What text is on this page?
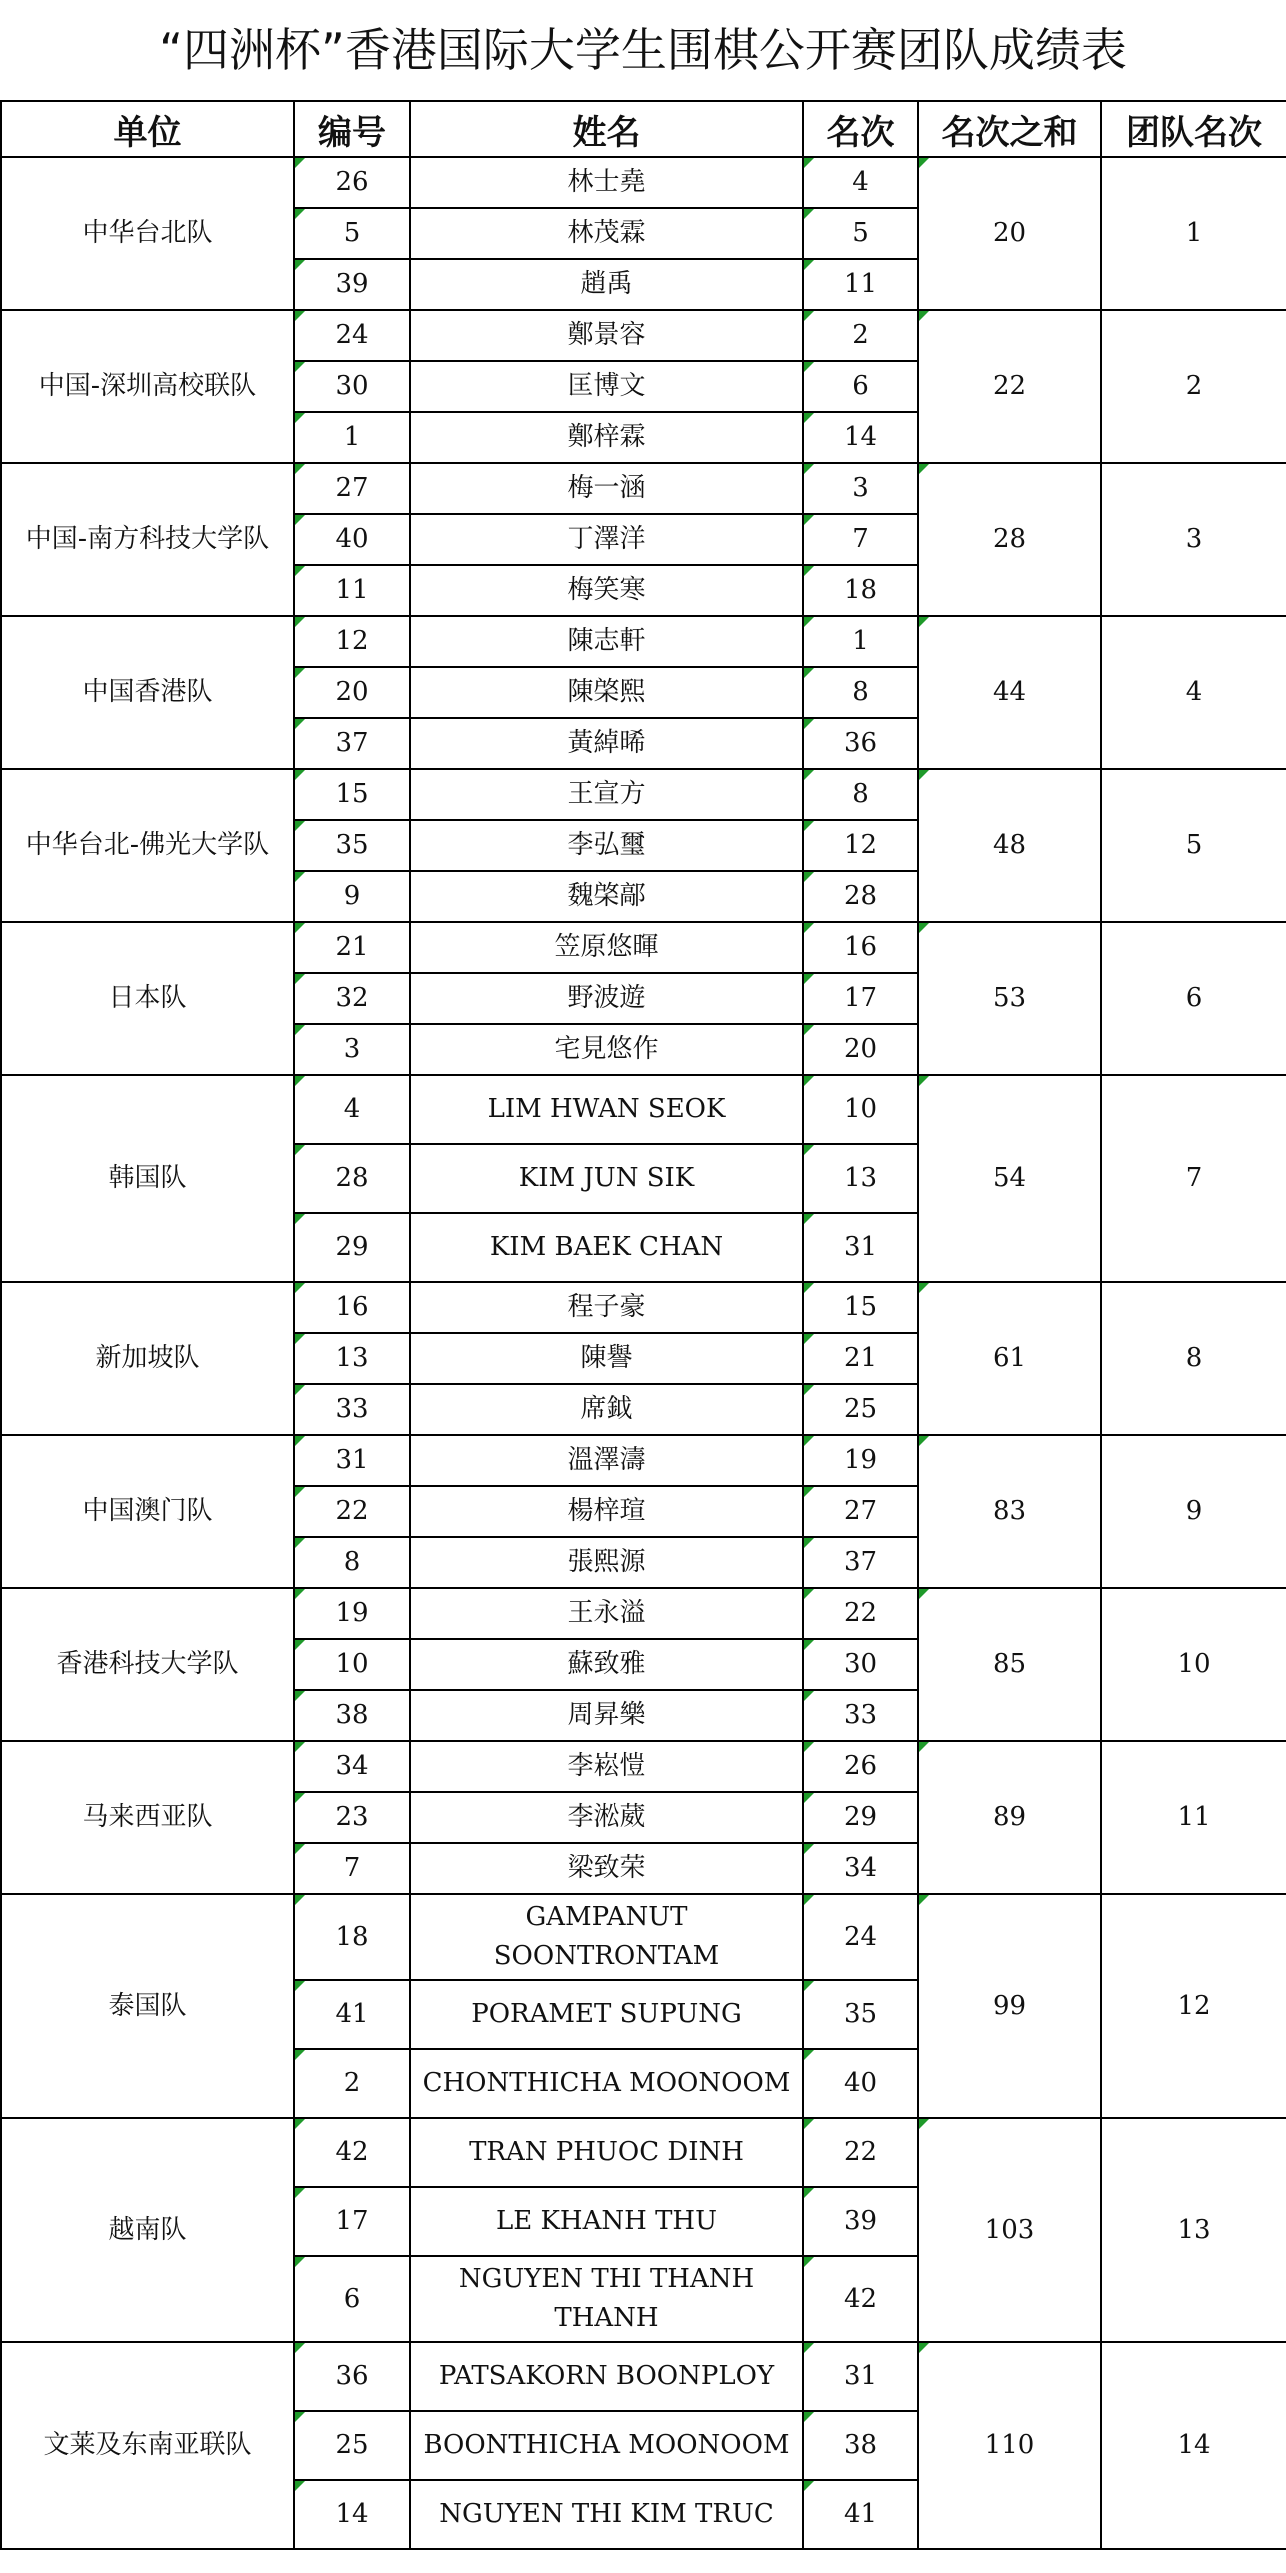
“四洲杯”香港国际大学生围棋公开赛团队成绩表
单位	编号	姓名	名次	名次之和	团队名次
中华台北队	26	林士堯	4	20	1
	5	林茂霖	5		
	39	趙禹	11		
中国-深圳高校联队	24	鄭景容	2	22	2
	30	匡博文	6		
	1	鄭梓霖	14		
中国-南方科技大学队	27	梅一涵	3	28	3
	40	丁澤洋	7		
	11	梅笑寒	18		
中国香港队	12	陳志軒	1	44	4
	20	陳棨熙	8		
	37	黃綽晞	36		
中华台北-佛光大学队	15	王宣方	8	48	5
	35	李弘璽	12		
	9	魏棨鄗	28		
日本队	21	笠原悠暉	16	53	6
	32	野波遊	17		
	3	宅見悠作	20		
韩国队	4	LIM HWAN SEOK	10	54	7
	28	KIM JUN SIK	13		
	29	KIM BAEK CHAN	31		
新加坡队	16	程子豪	15	61	8
	13	陳譽	21		
	33	席鉞	25		
中国澳门队	31	溫澤濤	19	83	9
	22	楊梓瑄	27		
	8	張熙源	37		
香港科技大学队	19	王永溢	22	85	10
	10	蘇致雅	30		
	38	周昇樂	33		
马来西亚队	34	李崧愷	26	89	11
	23	李淞葳	29		
	7	梁致荣	34		
泰国队	18	GAMPANUT SOONTRONTAM	24	99	12
	41	PORAMET SUPUNG	35		
	2	CHONTHICHA MOONOOM	40		
越南队	42	TRAN PHUOC DINH	22	103	13
	17	LE KHANH THU	39		
	6	NGUYEN THI THANH THANH	42		
文莱及东南亚联队	36	PATSAKORN BOONPLOY	31	110	14
	25	BOONTHICHA MOONOOM	38		
	14	NGUYEN THI KIM TRUC	41		
